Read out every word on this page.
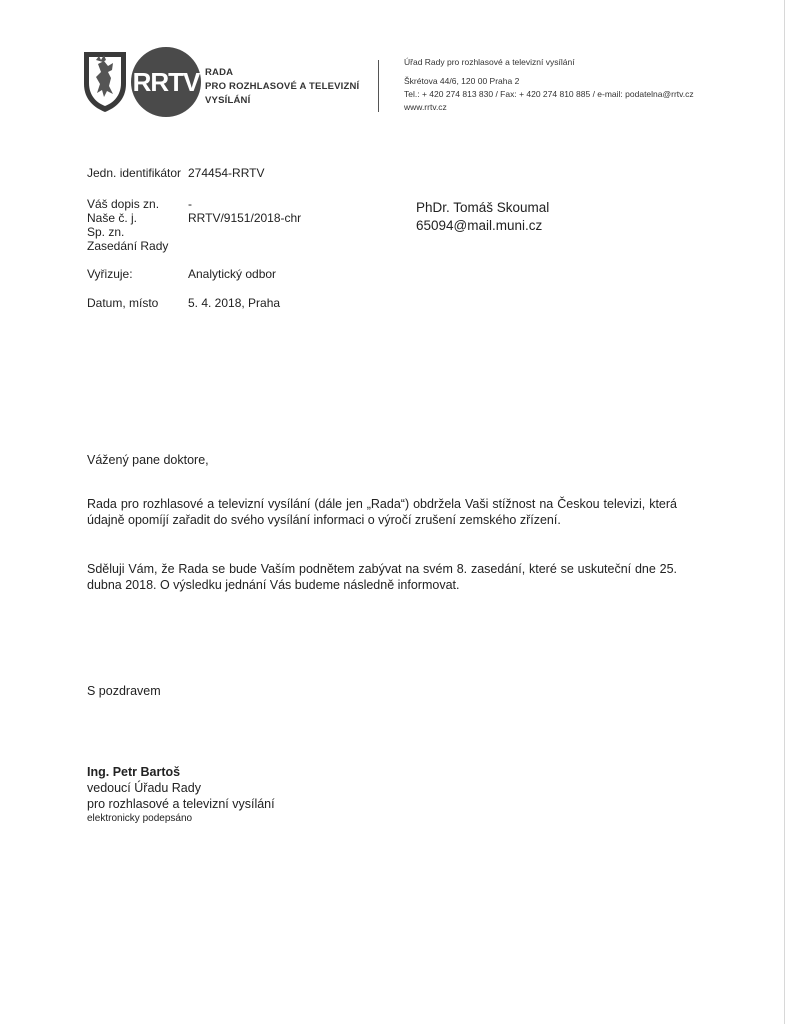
RRTV RADA
PRO ROZHLASOVÉ A TELEVIZNÍ
VYSÍLÁNÍ
Úřad Rady pro rozhlasové a televizní vysílání
Škrétova 44/6, 120 00 Praha 2
Tel.: + 420 274 813 830 / Fax: + 420 274 810 885 / e-mail: podatelna@rrtv.cz
www.rrtv.cz
Jedn. identifikátor 274454-RRTV
Váš dopis zn. -
Naše č. j.	RRTV/9151/2018-chr
Sp. zn.
Zasedání Rady
Vyřizuje:	Analytický odbor
Datum, místo 5. 4. 2018, Praha
PhDr. Tomáš Skoumal
65094@mail.muni.cz
Vážený pane doktore,
Rada pro rozhlasové a televizní vysílání (dále jen „Rada“) obdržela Vaši stížnost na Českou televizi, která údajně opomíjí zařadit do svého vysílání informaci o výročí zrušení zemského zřízení.
Sděluji Vám, že Rada se bude Vaším podnětem zabývat na svém 8. zasedání, které se uskuteční dne 25. dubna 2018. O výsledku jednání Vás budeme následně informovat.
S pozdravem
Ing. Petr Bartoš
vedoucí Úřadu Rady
pro rozhlasové a televizní vysílání
elektronicky podepsáno
